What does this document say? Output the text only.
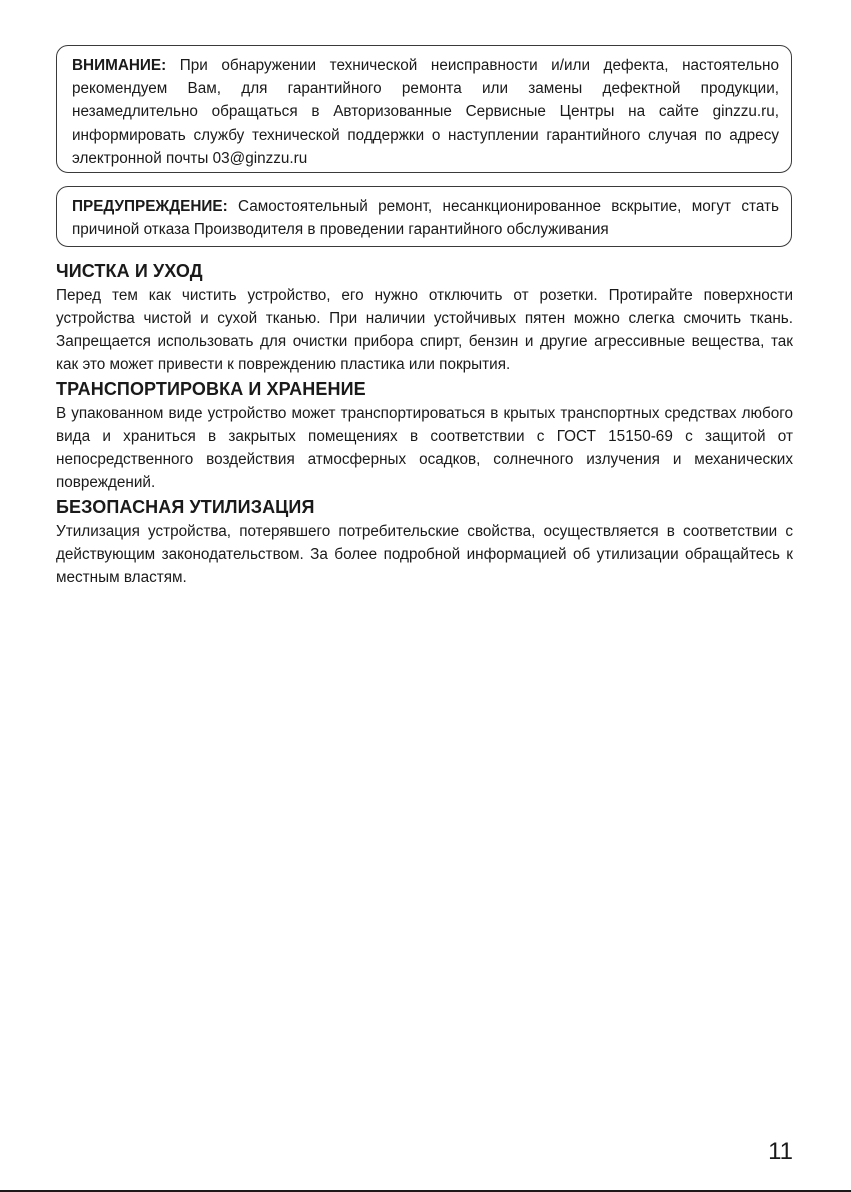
ВНИМАНИЕ: При обнаружении технической неисправности и/или дефекта, настоятельно рекомендуем Вам, для гарантийного ремонта или замены дефектной продукции, незамедлительно обращаться в Авторизованные Сервисные Центры на сайте ginzzu.ru, информировать службу технической поддержки о наступлении гарантийного случая по адресу электронной почты 03@ginzzu.ru
ПРЕДУПРЕЖДЕНИЕ: Самостоятельный ремонт, несанкционированное вскрытие, могут стать причиной отказа Производителя в проведении гарантийного обслуживания
ЧИСТКА И УХОД

Перед тем как чистить устройство, его нужно отключить от розетки. Протирайте поверхности устройства чистой и сухой тканью. При наличии устойчивых пятен можно слегка смочить ткань. Запрещается использовать для очистки прибора спирт, бензин и другие агрессивные вещества, так как это может привести к повреждению пластика или покрытия.

ТРАНСПОРТИРОВКА И ХРАНЕНИЕ

В упакованном виде устройство может транспортироваться в крытых транспортных средствах любого вида и храниться в закрытых помещениях в соответствии с ГОСТ 15150-69 с защитой от непосредственного воздействия атмосферных осадков, солнечного излучения и механических повреждений.

БЕЗОПАСНАЯ УТИЛИЗАЦИЯ

Утилизация устройства, потерявшего потребительские свойства, осуществляется в соответствии с действующим законодательством. За более подробной информацией об утилизации обращайтесь к местным властям.

11
